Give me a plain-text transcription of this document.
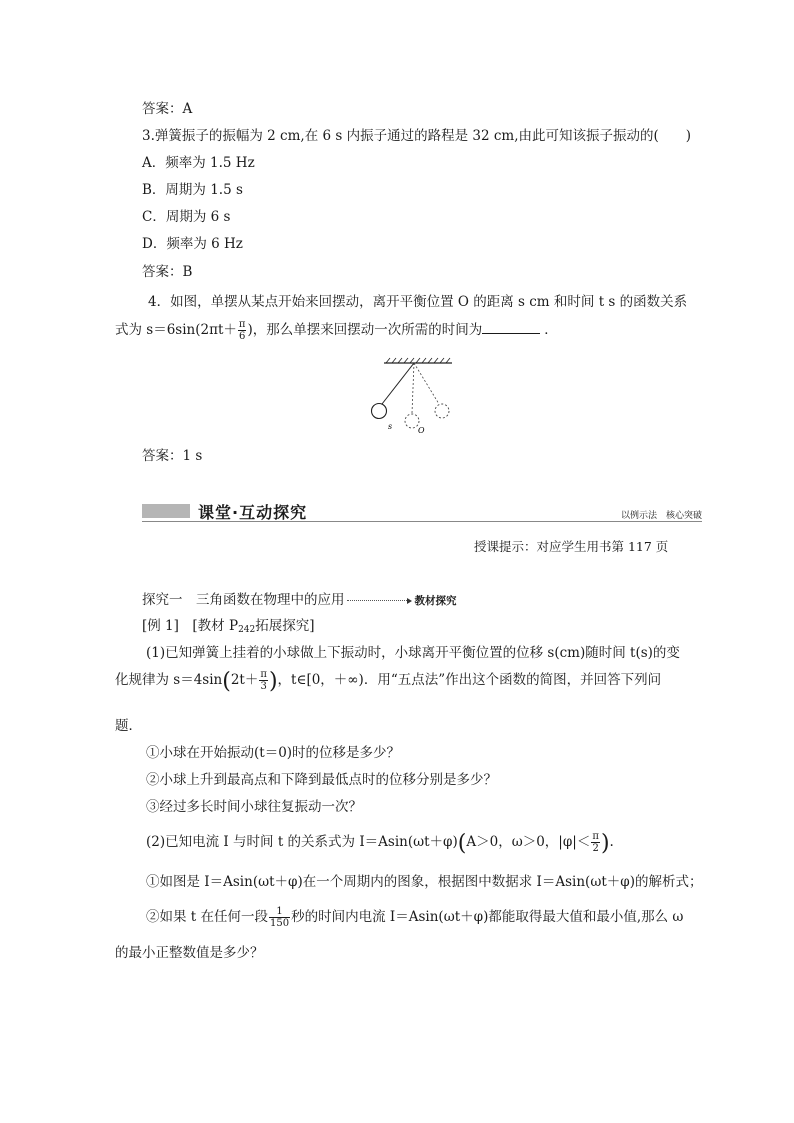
答案：A
3.弹簧振子的振幅为 2 cm,在 6 s 内振子通过的路程是 32 cm,由此可知该振子振动的(　　)
A．频率为 1.5 Hz
B．周期为 1.5 s
C．周期为 6 s
D．频率为 6 Hz
答案：B
4．如图，单摆从某点开始来回摆动，离开平衡位置 O 的距离 s cm 和时间 t s 的函数关系
式为 $s=6\sin(2\pi t+ \frac{\pi}{6}$ )，那么单摆来回摆动一次所需的时间为	．
s	O
答案：1 s
课堂·互动探究	以例示法　核心突破
授课提示：对应学生用书第 117 页
探究一　三角函数在物理中的应用	教材探究
[例 1]　[教材 $P_{242}$拓展探究]
(1)已知弹簧上挂着的小球做上下振动时，小球离开平衡位置的位移 s(cm)随时间 t(s)的变
化规律为 $s=4\sin(2t+ \frac{\pi}{3}$ )，t∈[0，＋∞)．用“五点法”作出这个函数的简图，并回答下列问
题．
①小球在开始振动(t＝0)时的位移是多少？
②小球上升到最高点和下降到最低点时的位移分别是多少？
③经过多长时间小球往复振动一次？
(2)已知电流 I 与时间 t 的关系式为 I＝Asin(ωt＋φ)(A＞0，ω＞0，$|\varphi|< \frac{\pi}{2}$ ).
①如图是 I＝Asin(ωt＋φ)在一个周期内的图象，根据图中数据求 I＝Asin(ωt＋φ)的解析式；
②如果 t 在任何一段 $\frac{1}{150}$ 秒的时间内电流 I＝Asin(ωt＋φ)都能取得最大值和最小值,那么 ω
的最小正整数值是多少？
